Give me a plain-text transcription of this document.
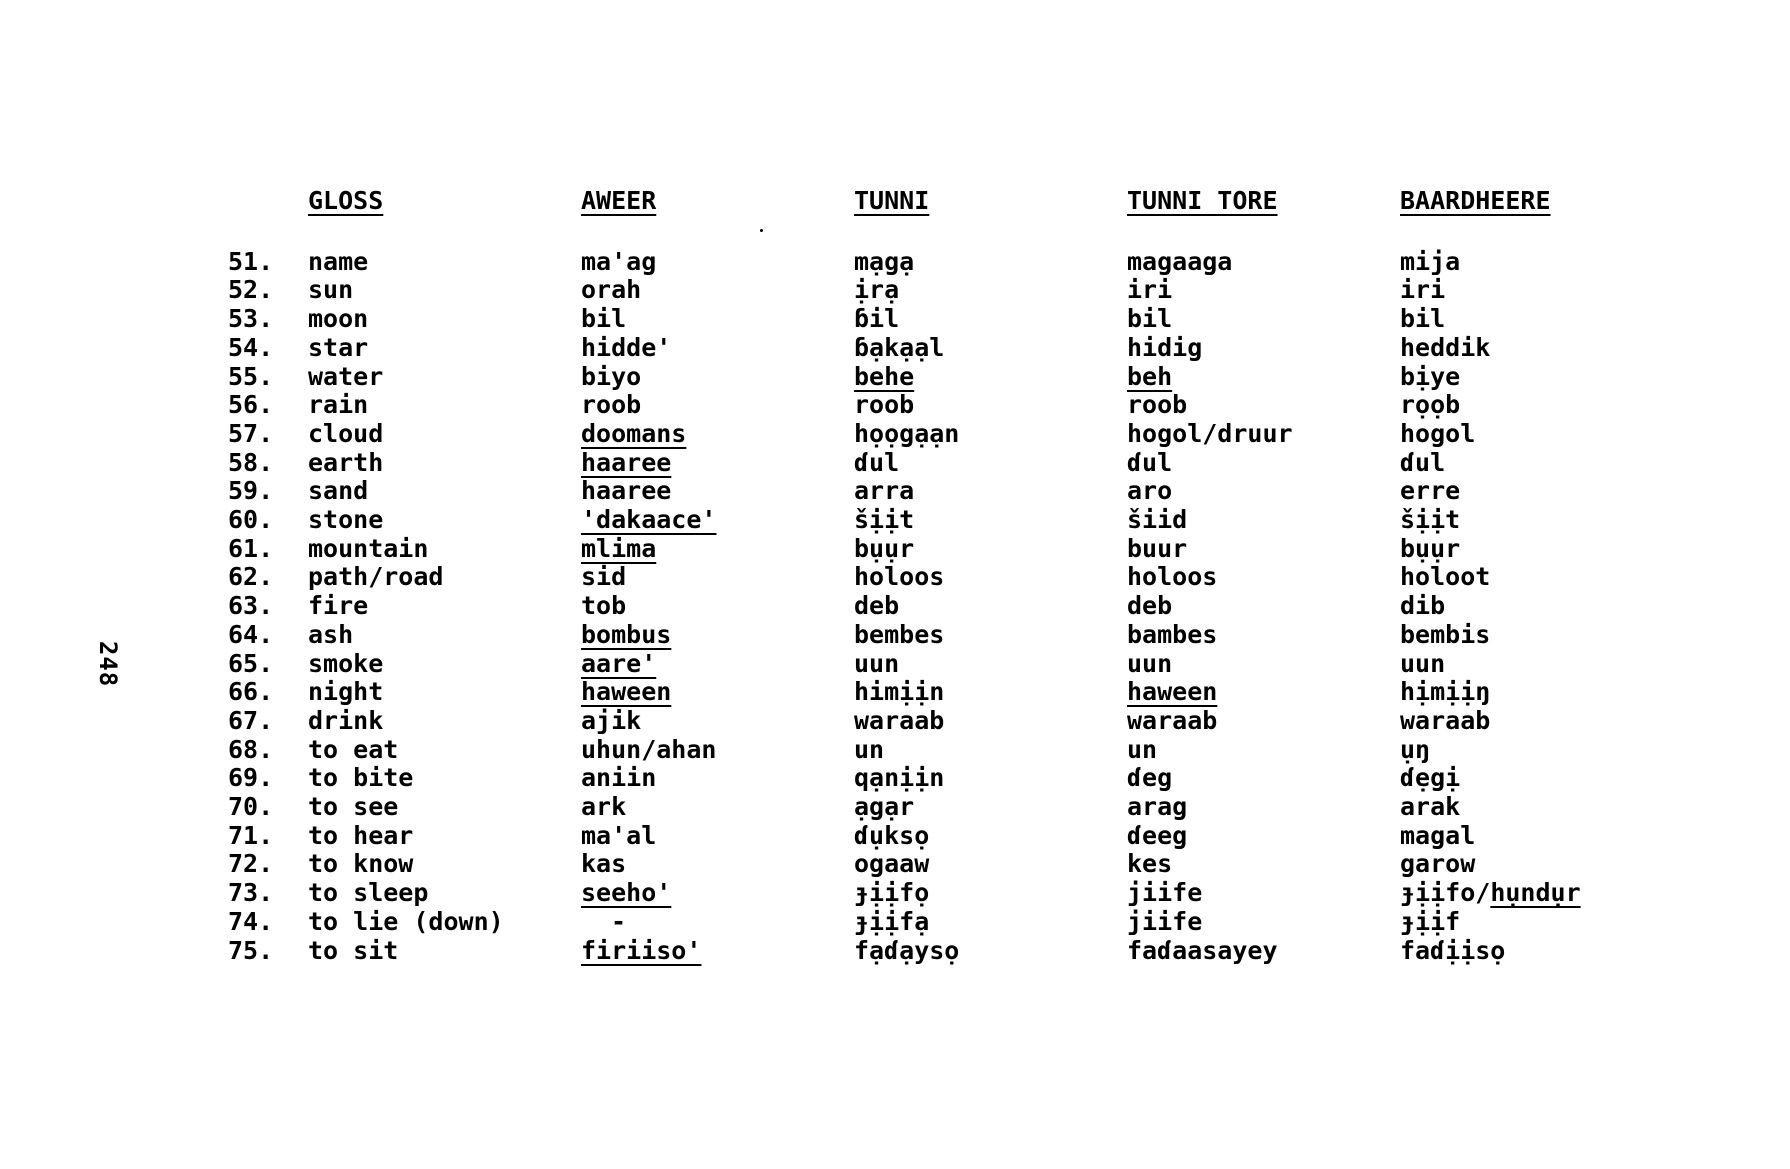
248
	GLOSS	AWEER	TUNNI	TUNNI TORE	BAARDHEERE

51.	name	ma'ag	mạgạ	magaaga	mija
52.	sun	orah	ịrạ	iri	iri
53.	moon	bil	ɓil	bil	bil
54.	star	hidde'	ɓạkạạl	hidig	heddik
55.	water	biyo	behe	beh	bịye
56.	rain	roob	roob	roob	rọọb
57.	cloud	doomans	họọgạạn	hogol/druur	hogol
58.	earth	haaree	ɗul	ɗul	ɗul
59.	sand	haaree	arra	aro	erre
60.	stone	'dakaace'	šịịt	šiid	šịịt
61.	mountain	mlima	bụụr	buur	bụụr
62.	path/road	sid	holoos	holoos	holoot
63.	fire	tob	deb	deb	dib
64.	ash	bombus	bembes	bambes	bembis
65.	smoke	aare'	uun	uun	uun
66.	night	haween	himịịn	haween	hịmịịŋ
67.	drink	ajik	waraab	waraab	waraab
68.	to eat	uhun/ahan	un	un	ụŋ
69.	to bite	aniin	qạnịịn	ɗeg	ɗẹgị
70.	to see	ark	ạgạr	arag	arak
71.	to hear	ma'al	ɗụksọ	ɗeeg	magal
72.	to know	kas	ogaaw	kes	garow
73.	to sleep	seeho'	ɟịịfọ	jiife	ɟịịfo/hụndụr
74.	to lie (down)	-	ɟịịfạ	jiife	ɟịịf
75.	to sit	firiiso'	fạɗạysọ	faɗaasayey	faɗịịsọ
